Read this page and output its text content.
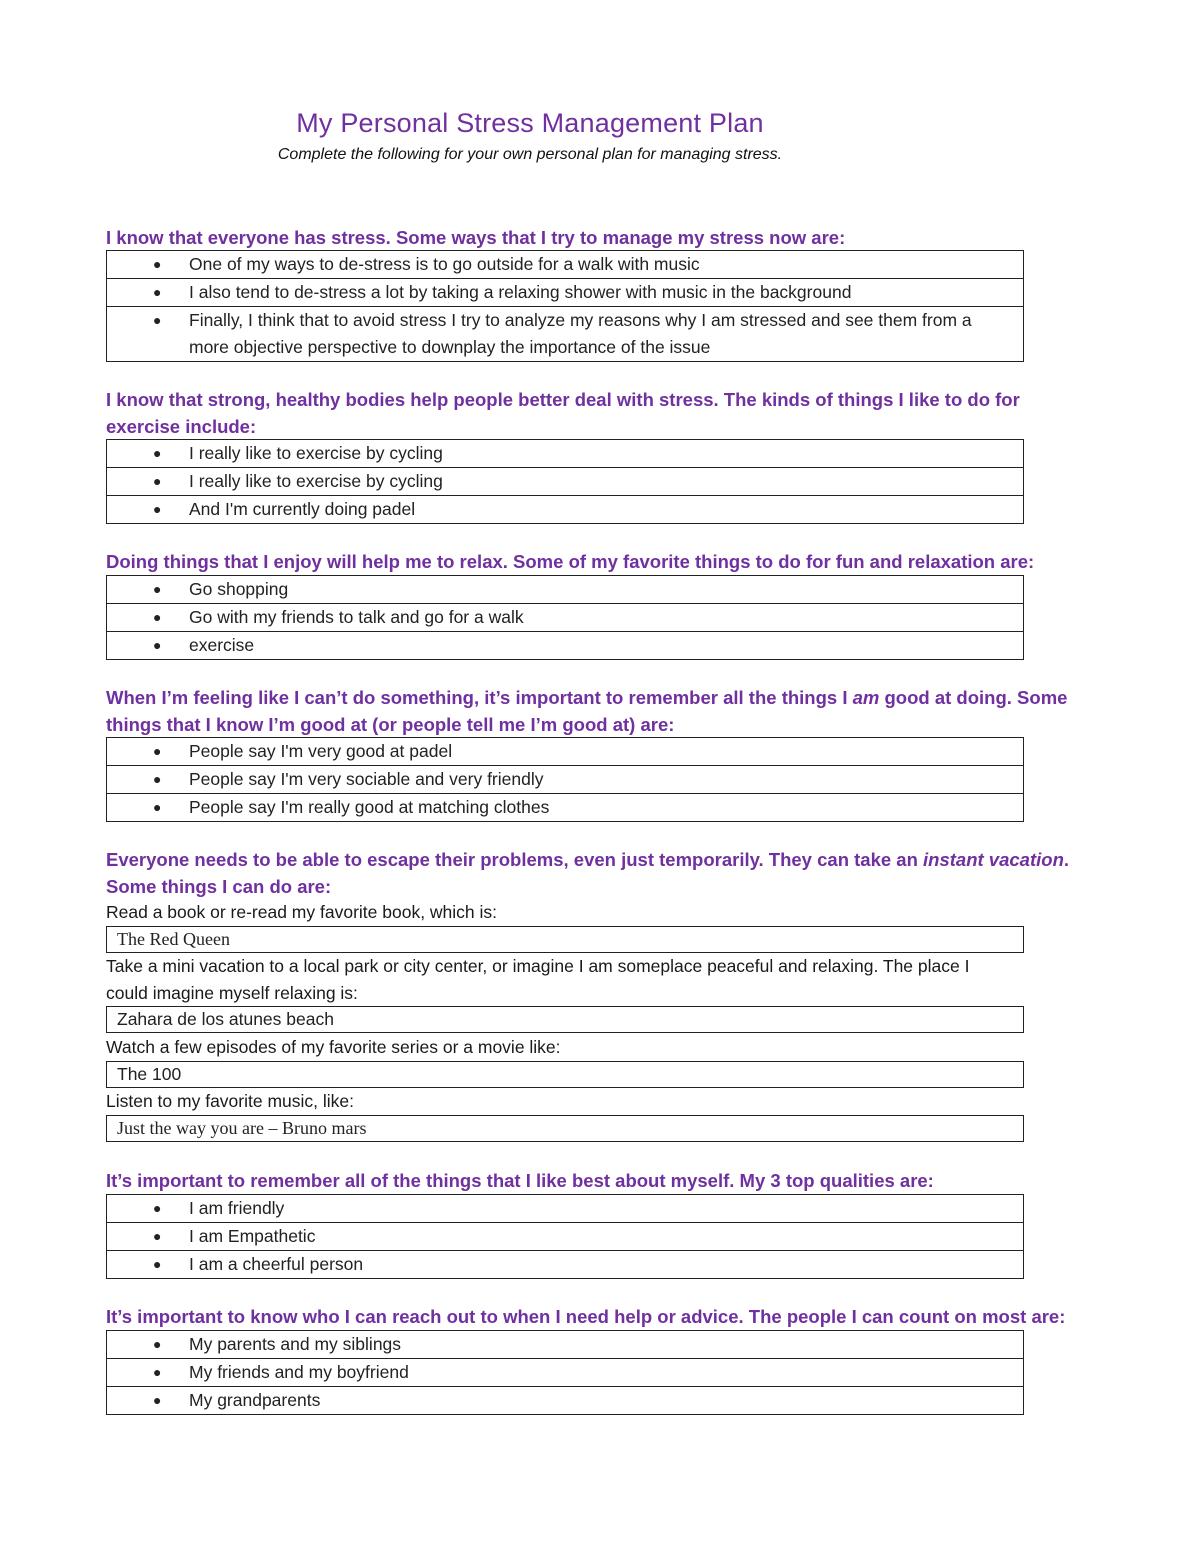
My Personal Stress Management Plan
Complete the following for your own personal plan for managing stress.
I know that everyone has stress. Some ways that I try to manage my stress now are:
●	One of my ways to de-stress is to go outside for a walk with music

●	I also tend to de-stress a lot by taking a relaxing shower with music in the background

●	Finally, I think that to avoid stress I try to analyze my reasons why I am stressed and see them from a more objective perspective to downplay the importance of the issue
I know that strong, healthy bodies help people better deal with stress. The kinds of things I like to do for
exercise include:
●	I really like to exercise by cycling

●	I really like to exercise by cycling

●	And I'm currently doing padel
Doing things that I enjoy will help me to relax. Some of my favorite things to do for fun and relaxation are:
●	Go shopping

●	Go with my friends to talk and go for a walk

●	exercise
When I’m feeling like I can’t do something, it’s important to remember all the things I am good at doing. Some
things that I know I’m good at (or people tell me I’m good at) are:
●	People say I'm very good at padel

●	People say I'm very sociable and very friendly

●	People say I'm really good at matching clothes
Everyone needs to be able to escape their problems, even just temporarily. They can take an instant vacation.
Some things I can do are:
Read a book or re-read my favorite book, which is:
The Red Queen
Take a mini vacation to a local park or city center, or imagine I am someplace peaceful and relaxing. The place I
could imagine myself relaxing is:
Zahara de los atunes beach
Watch a few episodes of my favorite series or a movie like:
The 100
Listen to my favorite music, like:
Just the way you are – Bruno mars
It’s important to remember all of the things that I like best about myself. My 3 top qualities are:
●	I am friendly

●	I am Empathetic

●	I am a cheerful person
It’s important to know who I can reach out to when I need help or advice. The people I can count on most are:
●	My parents and my siblings

●	My friends and my boyfriend

●	My grandparents
